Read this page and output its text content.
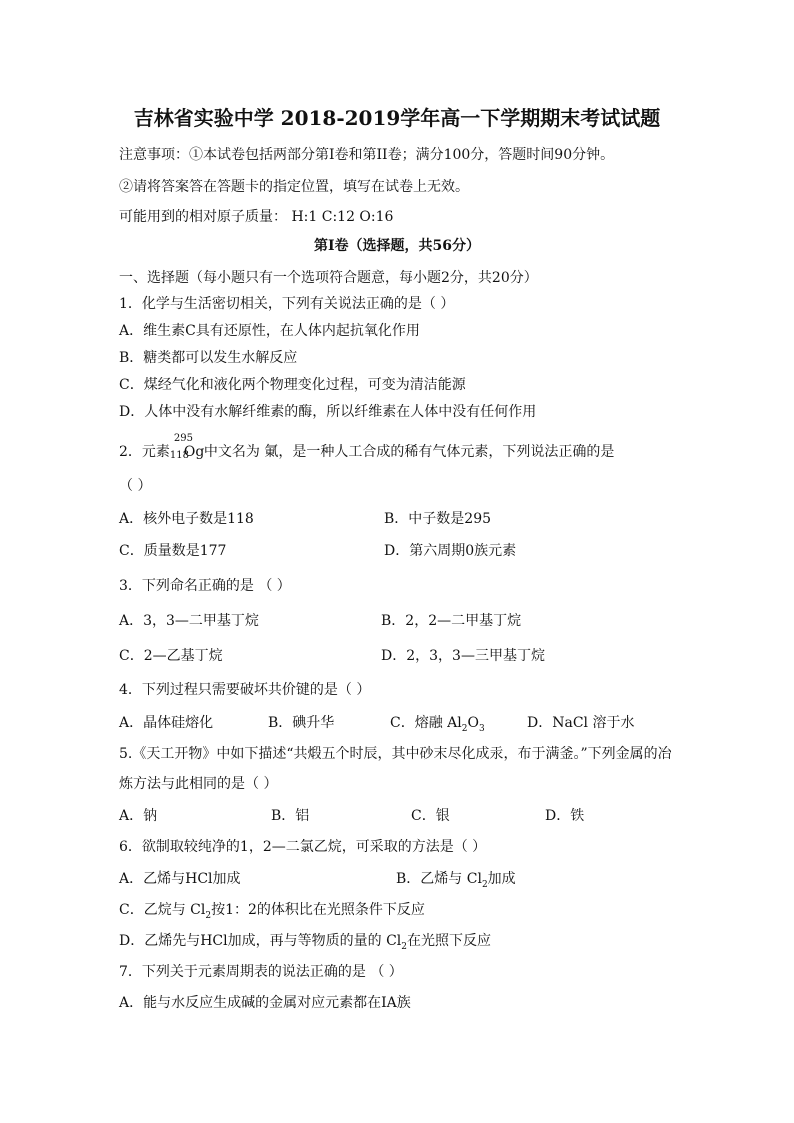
吉林省实验中学 2018-2019学年高一下学期期末考试试题
注意事项：①本试卷包括两部分第Ⅰ卷和第II卷；满分100分，答题时间90分钟。
②请将答案答在答题卡的指定位置，填写在试卷上无效。
可能用到的相对原子质量： H:1 C:12 O:16
第Ⅰ卷（选择题，共56分）
一、选择题（每小题只有一个选项符合题意，每小题2分，共20分）
1．化学与生活密切相关，下列有关说法正确的是（ ）
A．维生素C具有还原性，在人体内起抗氧化作用
B．糖类都可以发生水解反应
C．煤经气化和液化两个物理变化过程，可变为清洁能源
D．人体中没有水解纤维素的酶，所以纤维素在人体中没有任何作用
2．元素
295
118
Og 中文名为 氭，是一种人工合成的稀有气体元素，下列说法正确的是
（ ）
A．核外电子数是118	B．中子数是295
C．质量数是177	D．第六周期0族元素
3．下列命名正确的是 （ ）
A．3，3—二甲基丁烷	B．2，2—二甲基丁烷
C．2—乙基丁烷	D．2，3，3—三甲基丁烷
4．下列过程只需要破坏共价键的是（ ）
A．晶体硅熔化	B．碘升华	C．熔融 $Al_2O_3$	D．NaCl 溶于水
5.《天工开物》中如下描述“共煅五个时辰，其中砂末尽化成汞，布于满釜。”下列金属的冶
炼方法与此相同的是（ ）
A．钠	B．铝	C．银	D．铁
6．欲制取较纯净的1，2—二氯乙烷，可采取的方法是（ ）
A．乙烯与HCl加成	B．乙烯与 $Cl_2$加成
C．乙烷与 $Cl_2$按1：2的体积比在光照条件下反应
D．乙烯先与HCl加成，再与等物质的量的 $Cl_2$在光照下反应
7．下列关于元素周期表的说法正确的是 （ ）
A．能与水反应生成碱的金属对应元素都在ⅠA族
